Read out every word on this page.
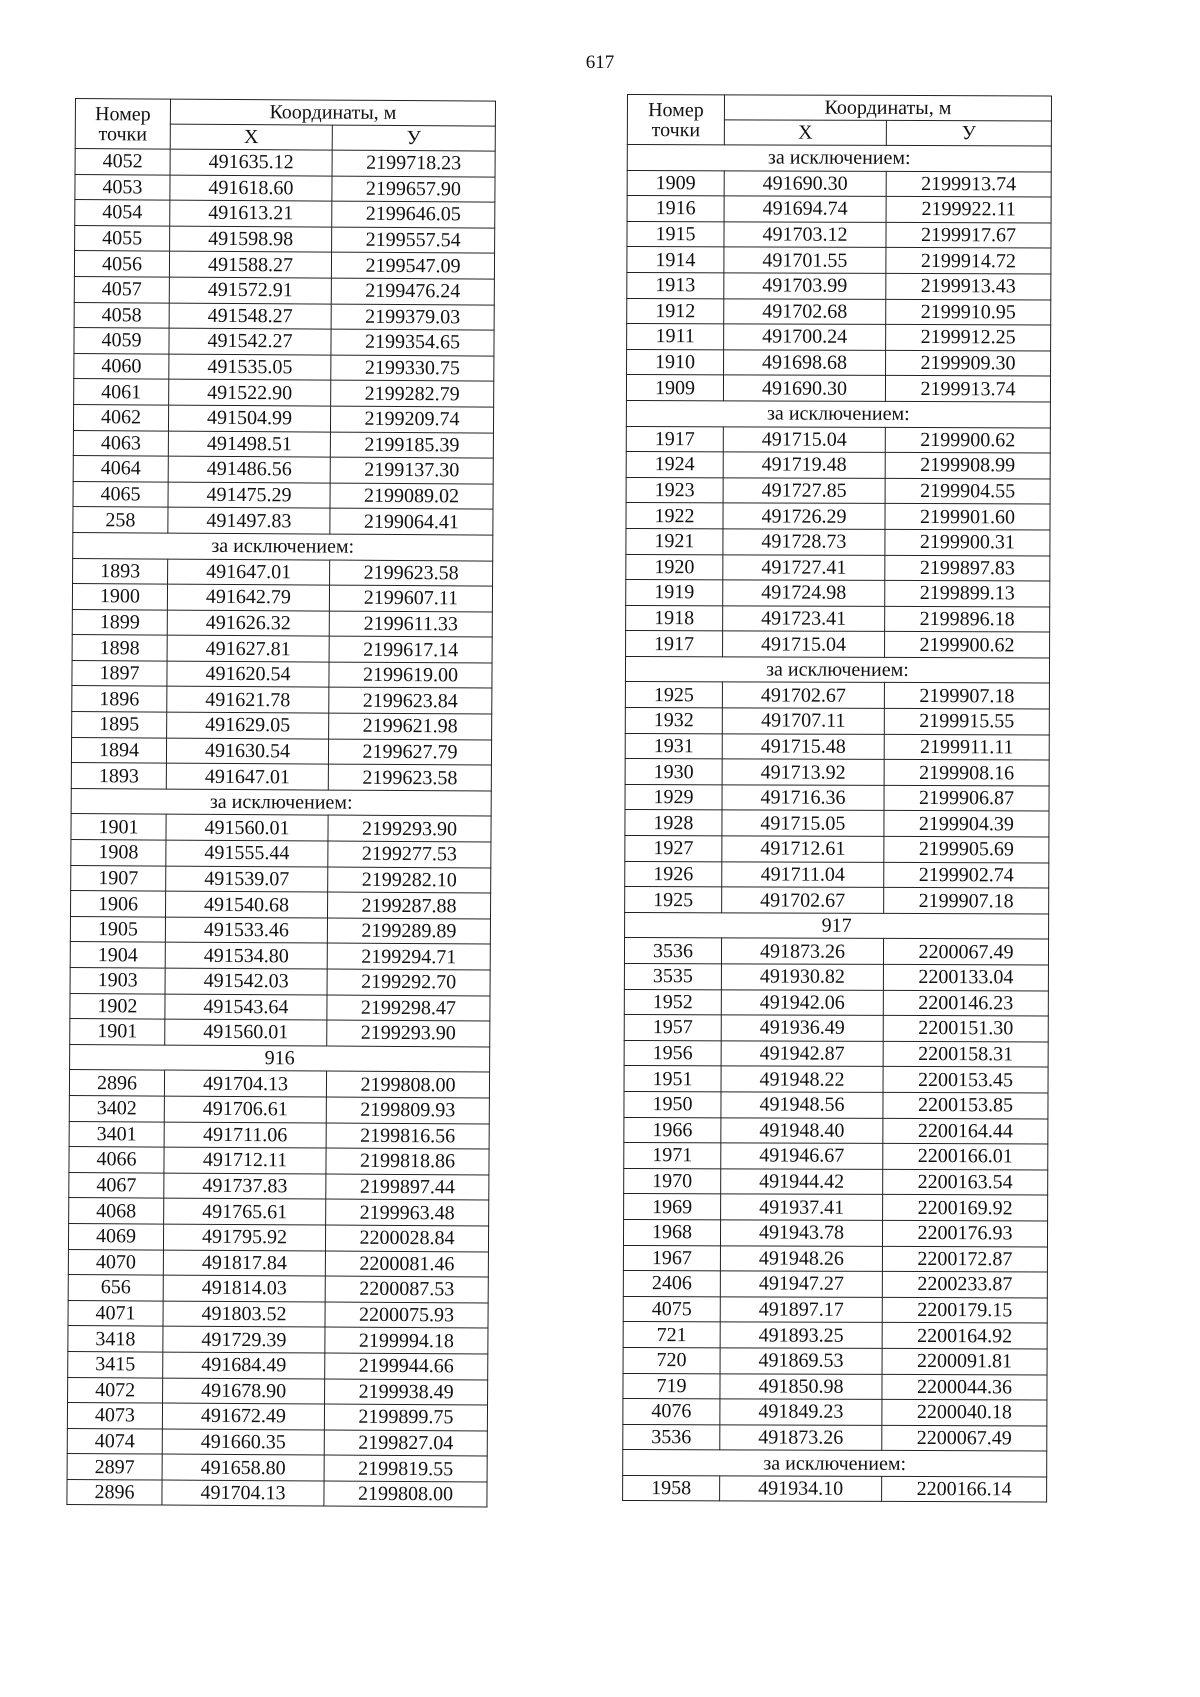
617
Номер
точки	Координаты, м	
	X	У
4052	491635.12	2199718.23
4053	491618.60	2199657.90
4054	491613.21	2199646.05
4055	491598.98	2199557.54
4056	491588.27	2199547.09
4057	491572.91	2199476.24
4058	491548.27	2199379.03
4059	491542.27	2199354.65
4060	491535.05	2199330.75
4061	491522.90	2199282.79
4062	491504.99	2199209.74
4063	491498.51	2199185.39
4064	491486.56	2199137.30
4065	491475.29	2199089.02
258	491497.83	2199064.41
за исключением:		
1893	491647.01	2199623.58
1900	491642.79	2199607.11
1899	491626.32	2199611.33
1898	491627.81	2199617.14
1897	491620.54	2199619.00
1896	491621.78	2199623.84
1895	491629.05	2199621.98
1894	491630.54	2199627.79
1893	491647.01	2199623.58
за исключением:		
1901	491560.01	2199293.90
1908	491555.44	2199277.53
1907	491539.07	2199282.10
1906	491540.68	2199287.88
1905	491533.46	2199289.89
1904	491534.80	2199294.71
1903	491542.03	2199292.70
1902	491543.64	2199298.47
1901	491560.01	2199293.90
916		
2896	491704.13	2199808.00
3402	491706.61	2199809.93
3401	491711.06	2199816.56
4066	491712.11	2199818.86
4067	491737.83	2199897.44
4068	491765.61	2199963.48
4069	491795.92	2200028.84
4070	491817.84	2200081.46
656	491814.03	2200087.53
4071	491803.52	2200075.93
3418	491729.39	2199994.18
3415	491684.49	2199944.66
4072	491678.90	2199938.49
4073	491672.49	2199899.75
4074	491660.35	2199827.04
2897	491658.80	2199819.55
2896	491704.13	2199808.00
Номер
точки	Координаты, м	
	X	У
за исключением:		
1909	491690.30	2199913.74
1916	491694.74	2199922.11
1915	491703.12	2199917.67
1914	491701.55	2199914.72
1913	491703.99	2199913.43
1912	491702.68	2199910.95
1911	491700.24	2199912.25
1910	491698.68	2199909.30
1909	491690.30	2199913.74
за исключением:		
1917	491715.04	2199900.62
1924	491719.48	2199908.99
1923	491727.85	2199904.55
1922	491726.29	2199901.60
1921	491728.73	2199900.31
1920	491727.41	2199897.83
1919	491724.98	2199899.13
1918	491723.41	2199896.18
1917	491715.04	2199900.62
за исключением:		
1925	491702.67	2199907.18
1932	491707.11	2199915.55
1931	491715.48	2199911.11
1930	491713.92	2199908.16
1929	491716.36	2199906.87
1928	491715.05	2199904.39
1927	491712.61	2199905.69
1926	491711.04	2199902.74
1925	491702.67	2199907.18
917		
3536	491873.26	2200067.49
3535	491930.82	2200133.04
1952	491942.06	2200146.23
1957	491936.49	2200151.30
1956	491942.87	2200158.31
1951	491948.22	2200153.45
1950	491948.56	2200153.85
1966	491948.40	2200164.44
1971	491946.67	2200166.01
1970	491944.42	2200163.54
1969	491937.41	2200169.92
1968	491943.78	2200176.93
1967	491948.26	2200172.87
2406	491947.27	2200233.87
4075	491897.17	2200179.15
721	491893.25	2200164.92
720	491869.53	2200091.81
719	491850.98	2200044.36
4076	491849.23	2200040.18
3536	491873.26	2200067.49
за исключением:		
1958	491934.10	2200166.14
